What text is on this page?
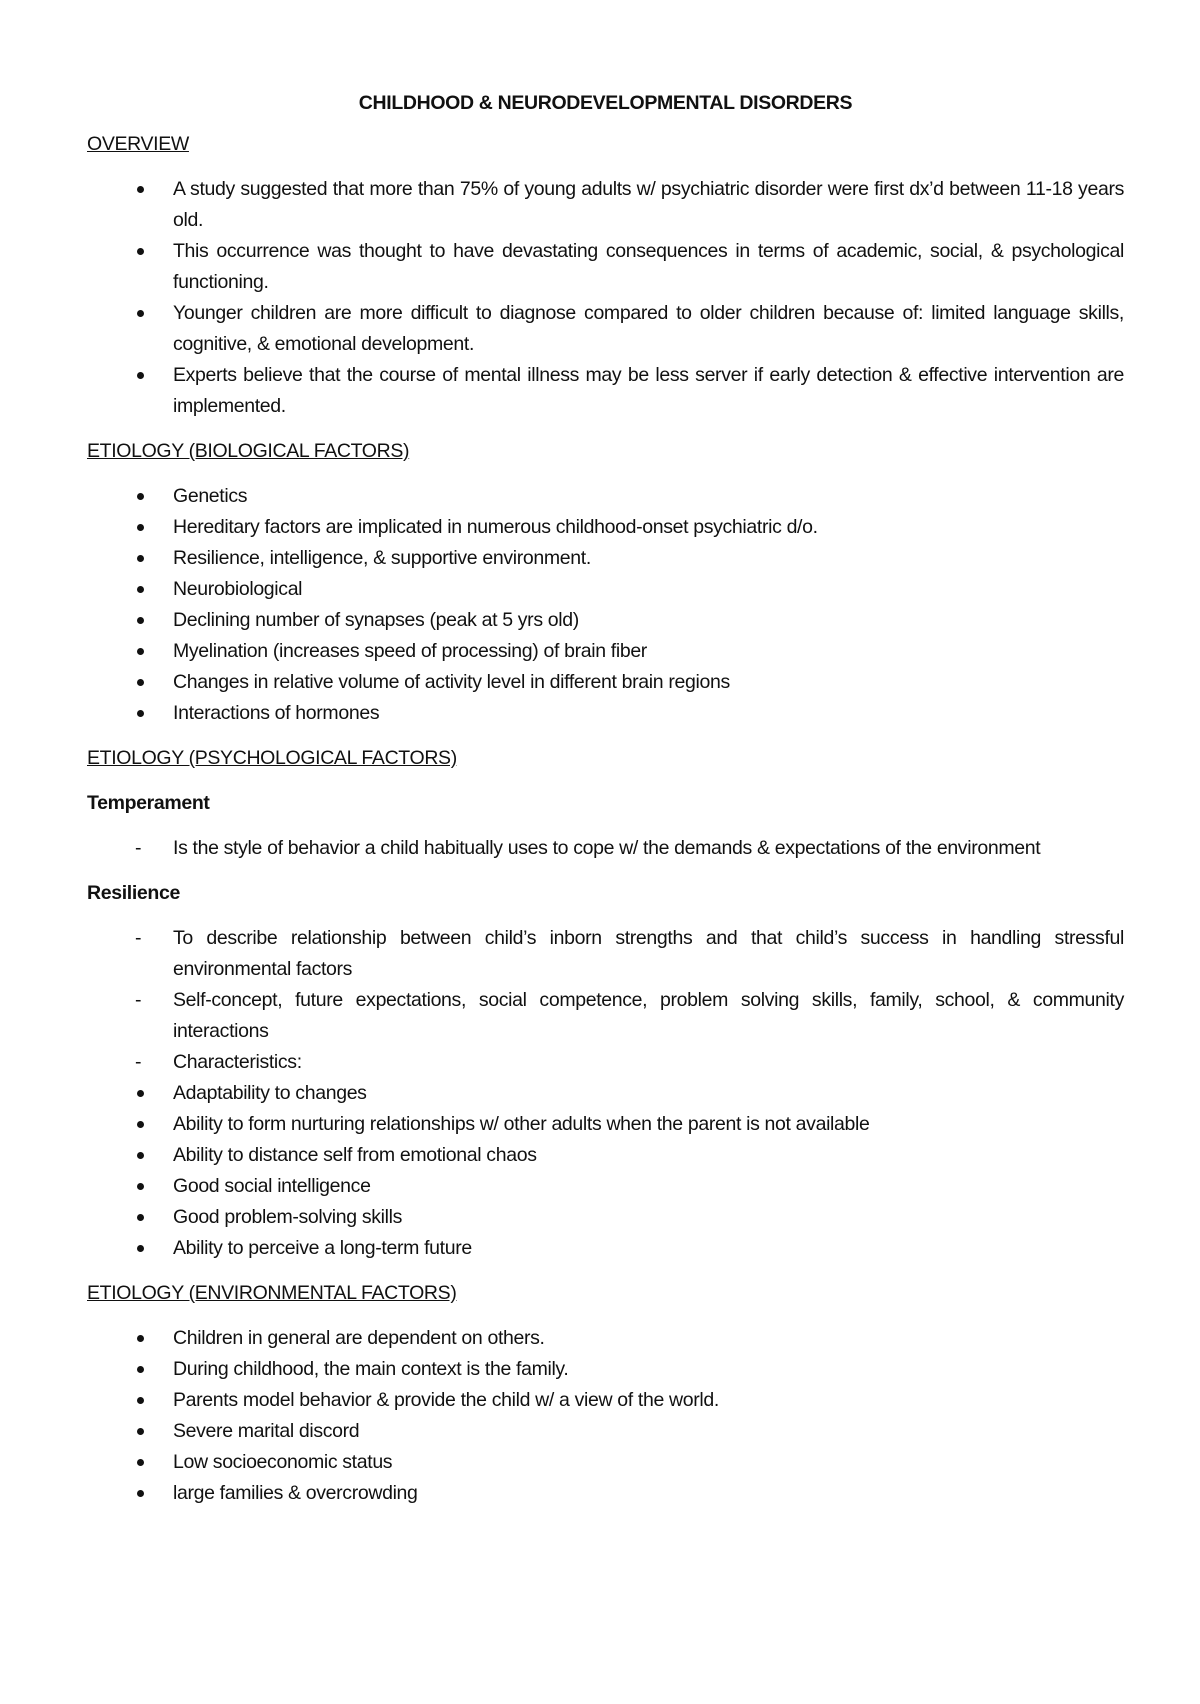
CHILDHOOD & NEURODEVELOPMENTAL DISORDERS
OVERVIEW
A study suggested that more than 75% of young adults w/ psychiatric disorder were first dx’d between 11-18 years old.
This occurrence was thought to have devastating consequences in terms of academic, social, & psychological functioning.
Younger children are more difficult to diagnose compared to older children because of: limited language skills, cognitive, & emotional development.
Experts believe that the course of mental illness may be less server if early detection & effective intervention are implemented.
ETIOLOGY (BIOLOGICAL FACTORS)
Genetics
Hereditary factors are implicated in numerous childhood-onset psychiatric d/o.
Resilience, intelligence, & supportive environment.
Neurobiological
Declining number of synapses (peak at 5 yrs old)
Myelination (increases speed of processing) of brain fiber
Changes in relative volume of activity level in different brain regions
Interactions of hormones
ETIOLOGY (PSYCHOLOGICAL FACTORS)
Temperament
Is the style of behavior a child habitually uses to cope w/ the demands & expectations of the environment
Resilience
To describe relationship between child’s inborn strengths and that child’s success in handling stressful environmental factors
Self-concept, future expectations, social competence, problem solving skills, family, school, & community interactions
Characteristics:
Adaptability to changes
Ability to form nurturing relationships w/ other adults when the parent is not available
Ability to distance self from emotional chaos
Good social intelligence
Good problem-solving skills
Ability to perceive a long-term future
ETIOLOGY (ENVIRONMENTAL FACTORS)
Children in general are dependent on others.
During childhood, the main context is the family.
Parents model behavior & provide the child w/ a view of the world.
Severe marital discord
Low socioeconomic status
large families & overcrowding
